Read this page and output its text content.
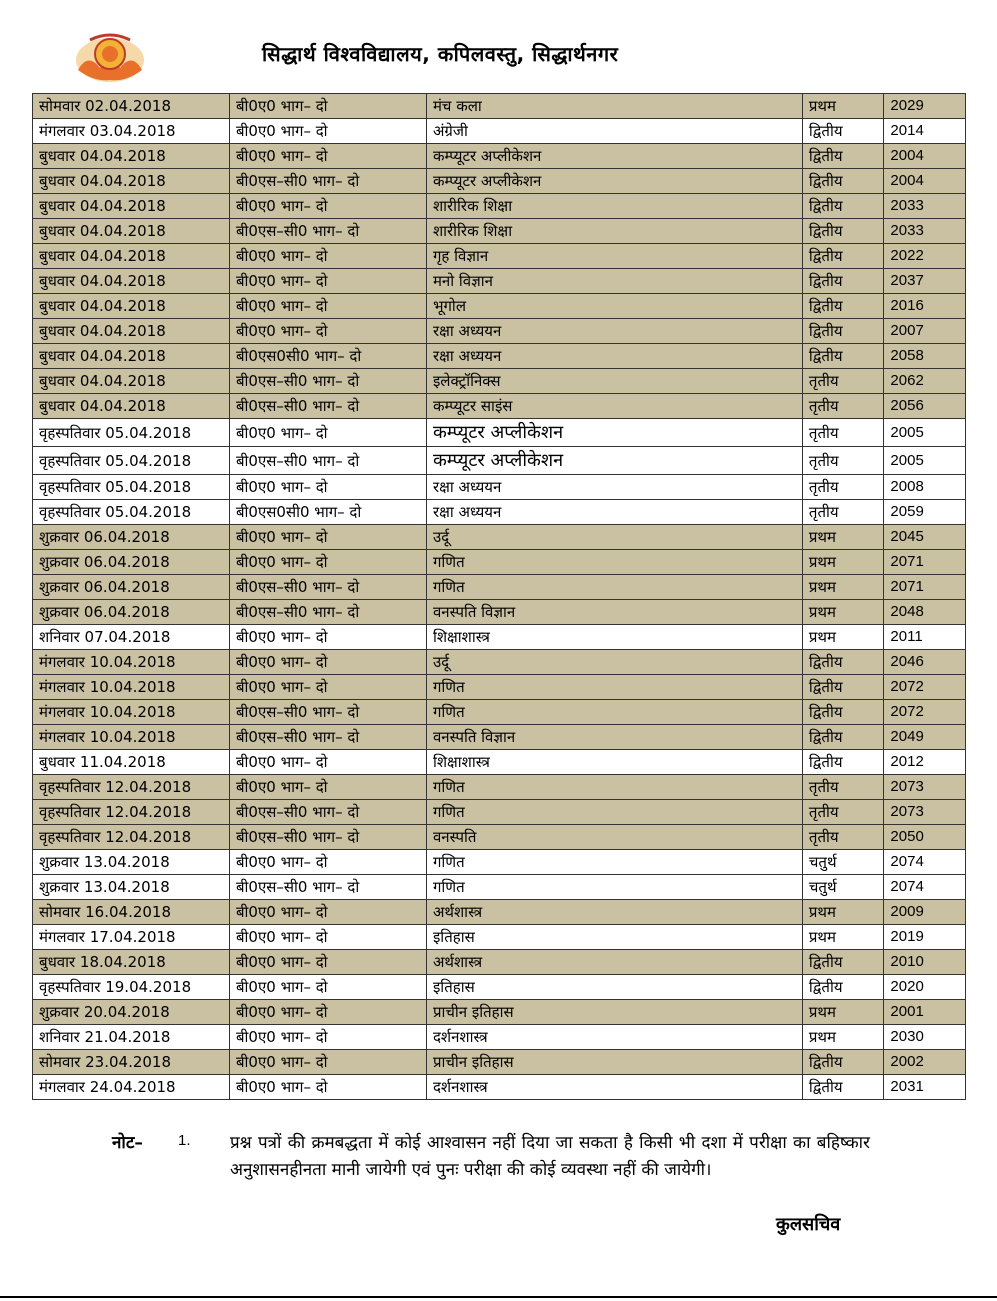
सिद्धार्थ विश्वविद्यालय, कपिलवस्तु, सिद्धार्थनगर
सोमवार 02.04.2018	बी0ए0 भाग– दो	मंच कला	प्रथम	2029
मंगलवार 03.04.2018	बी0ए0 भाग– दो	अंग्रेजी	द्वितीय	2014
बुधवार 04.04.2018	बी0ए0 भाग– दो	कम्प्यूटर अप्लीकेशन	द्वितीय	2004
बुधवार 04.04.2018	बी0एस–सी0 भाग– दो	कम्प्यूटर अप्लीकेशन	द्वितीय	2004
बुधवार 04.04.2018	बी0ए0 भाग– दो	शारीरिक शिक्षा	द्वितीय	2033
बुधवार 04.04.2018	बी0एस–सी0 भाग– दो	शारीरिक शिक्षा	द्वितीय	2033
बुधवार 04.04.2018	बी0ए0 भाग– दो	गृह विज्ञान	द्वितीय	2022
बुधवार 04.04.2018	बी0ए0 भाग– दो	मनो विज्ञान	द्वितीय	2037
बुधवार 04.04.2018	बी0ए0 भाग– दो	भूगोल	द्वितीय	2016
बुधवार 04.04.2018	बी0ए0 भाग– दो	रक्षा अध्ययन	द्वितीय	2007
बुधवार 04.04.2018	बी0एस0सी0 भाग– दो	रक्षा अध्ययन	द्वितीय	2058
बुधवार 04.04.2018	बी0एस–सी0 भाग– दो	इलेक्ट्रॉनिक्स	तृतीय	2062
बुधवार 04.04.2018	बी0एस–सी0 भाग– दो	कम्प्यूटर साइंस	तृतीय	2056
वृहस्पतिवार 05.04.2018	बी0ए0 भाग– दो	कम्प्यूटर अप्लीकेशन	तृतीय	2005
वृहस्पतिवार 05.04.2018	बी0एस–सी0 भाग– दो	कम्प्यूटर अप्लीकेशन	तृतीय	2005
वृहस्पतिवार 05.04.2018	बी0ए0 भाग– दो	रक्षा अध्ययन	तृतीय	2008
वृहस्पतिवार 05.04.2018	बी0एस0सी0 भाग– दो	रक्षा अध्ययन	तृतीय	2059
शुक्रवार 06.04.2018	बी0ए0 भाग– दो	उर्दू	प्रथम	2045
शुक्रवार 06.04.2018	बी0ए0 भाग– दो	गणित	प्रथम	2071
शुक्रवार 06.04.2018	बी0एस–सी0 भाग– दो	गणित	प्रथम	2071
शुक्रवार 06.04.2018	बी0एस–सी0 भाग– दो	वनस्पति विज्ञान	प्रथम	2048
शनिवार 07.04.2018	बी0ए0 भाग– दो	शिक्षाशास्त्र	प्रथम	2011
मंगलवार 10.04.2018	बी0ए0 भाग– दो	उर्दू	द्वितीय	2046
मंगलवार 10.04.2018	बी0ए0 भाग– दो	गणित	द्वितीय	2072
मंगलवार 10.04.2018	बी0एस–सी0 भाग– दो	गणित	द्वितीय	2072
मंगलवार 10.04.2018	बी0एस–सी0 भाग– दो	वनस्पति विज्ञान	द्वितीय	2049
बुधवार 11.04.2018	बी0ए0 भाग– दो	शिक्षाशास्त्र	द्वितीय	2012
वृहस्पतिवार 12.04.2018	बी0ए0 भाग– दो	गणित	तृतीय	2073
वृहस्पतिवार 12.04.2018	बी0एस–सी0 भाग– दो	गणित	तृतीय	2073
वृहस्पतिवार 12.04.2018	बी0एस–सी0 भाग– दो	वनस्पति	तृतीय	2050
शुक्रवार 13.04.2018	बी0ए0 भाग– दो	गणित	चतुर्थ	2074
शुक्रवार 13.04.2018	बी0एस–सी0 भाग– दो	गणित	चतुर्थ	2074
सोमवार 16.04.2018	बी0ए0 भाग– दो	अर्थशास्त्र	प्रथम	2009
मंगलवार 17.04.2018	बी0ए0 भाग– दो	इतिहास	प्रथम	2019
बुधवार 18.04.2018	बी0ए0 भाग– दो	अर्थशास्त्र	द्वितीय	2010
वृहस्पतिवार 19.04.2018	बी0ए0 भाग– दो	इतिहास	द्वितीय	2020
शुक्रवार 20.04.2018	बी0ए0 भाग– दो	प्राचीन इतिहास	प्रथम	2001
शनिवार 21.04.2018	बी0ए0 भाग– दो	दर्शनशास्त्र	प्रथम	2030
सोमवार 23.04.2018	बी0ए0 भाग– दो	प्राचीन इतिहास	द्वितीय	2002
मंगलवार 24.04.2018	बी0ए0 भाग– दो	दर्शनशास्त्र	द्वितीय	2031
नोट– 1. प्रश्न पत्रों की क्रमबद्धता में कोई आश्वासन नहीं दिया जा सकता है किसी भी दशा में परीक्षा का बहिष्कार अनुशासनहीनता मानी जायेगी एवं पुनः परीक्षा की कोई व्यवस्था नहीं की जायेगी।
कुलसचिव
